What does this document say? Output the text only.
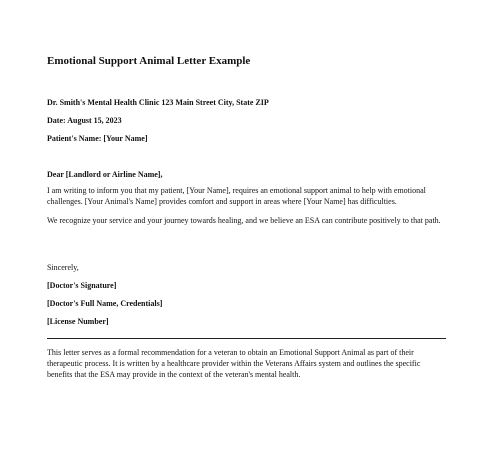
Emotional Support Animal Letter Example
Dr. Smith's Mental Health Clinic 123 Main Street City, State ZIP
Date: August 15, 2023
Patient's Name: [Your Name]
Dear [Landlord or Airline Name],
I am writing to inform you that my patient, [Your Name], requires an emotional support animal to help with emotional challenges. [Your Animal's Name] provides comfort and support in areas where [Your Name] has difficulties.
We recognize your service and your journey towards healing, and we believe an ESA can contribute positively to that path.
Sincerely,
[Doctor's Signature]
[Doctor's Full Name, Credentials]
[License Number]
This letter serves as a formal recommendation for a veteran to obtain an Emotional Support Animal as part of their therapeutic process. It is written by a healthcare provider within the Veterans Affairs system and outlines the specific benefits that the ESA may provide in the context of the veteran's mental health.
